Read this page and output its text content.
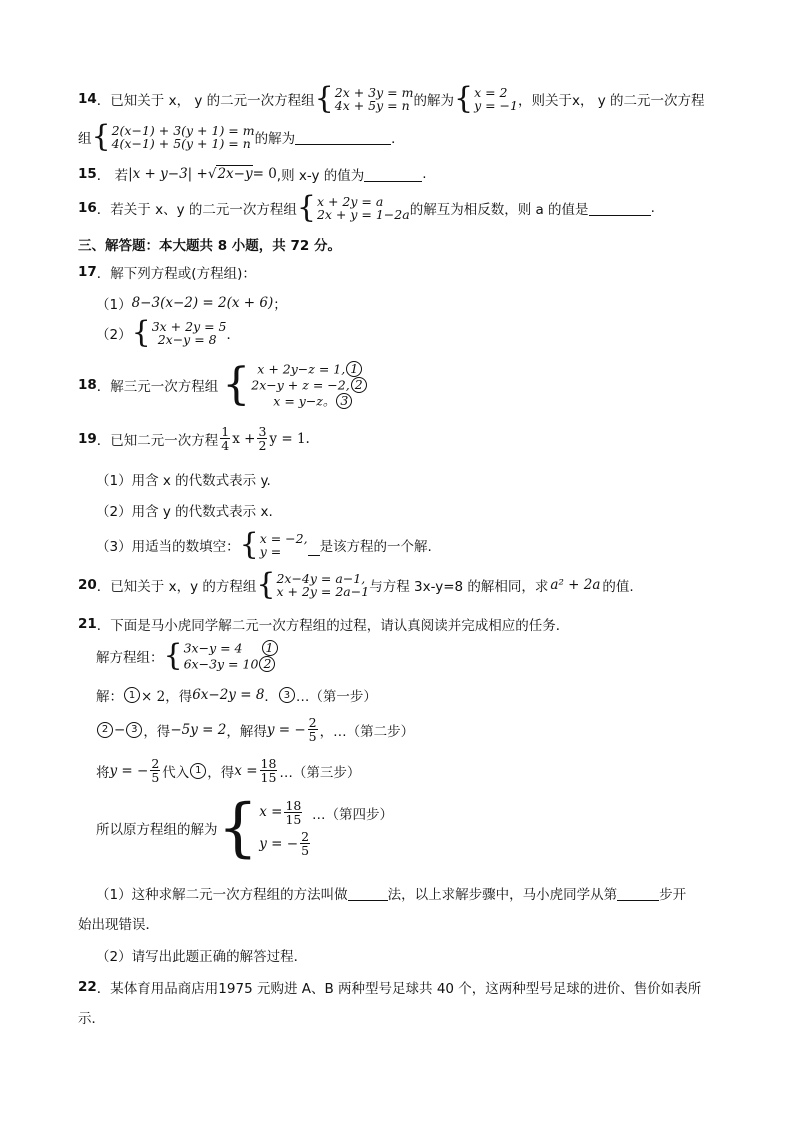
14 ．已知关于 x， y 的二元一次方程组 { 2x + 3y = m
4x + 5y = n 的解为 { x = 2
y = −1 ，则关于x， y 的二元一次方程
组 { 2(x−1) + 3(y + 1) = m
4(x−1) + 5(y + 1) = n 的解为	．
15 ． 若 |x + y−3| + √2x−y = 0 ,则 x-y 的值为	.
16 ．若关于 x、y 的二元一次方程组 { x + 2y = a
2x + y = 1−2a 的解互为相反数，则 a 的值是	.
三、解答题：本大题共 8 小题，共 72 分。
17 ．解下列方程或(方程组)：
（1） 8−3(x−2) = 2(x + 6) ；
（2） { 3x + 2y = 5
2x−y = 8 ．
18 ．解三元一次方程组 { x + 2y−z = 1, 1
2x−y + z = −2, 2
x = y−z。 3
19 ．已知二元一次方程 $\frac{1}{4}$ $x + \frac{3}{2}$ y = 1.
（1）用含 x 的代数式表示 y.
（2）用含 y 的代数式表示 x.
（3）用适当的数填空： { x = −2,
y =	是该方程的一个解.
20 ．已知关于 x，y 的方程组 { 2x−4y = a−1,
x + 2y = 2a−1 与方程 3x-y=8 的解相同，求 a² + 2a 的值.
21 ．下面是马小虎同学解二元一次方程组的过程，请认真阅读并完成相应的任务．
解方程组： { 3x−y = 4 1
6x−3y = 10 2
解： 1 × 2，得 6x−2y = 8 ． 3 …（第一步）
2 − 3 ，得 −5y = 2 ，解得 y = − $\frac{2}{5}$ ，…（第二步）
将 y = − $\frac{2}{5}$ 代入 1 ，得 $x = \frac{18}{15}$ …（第三步）
所以原方程组的解为 { $x = \frac{18}{15}$
y = − $\frac{2}{5}$
…（第四步）
（1）这种求解二元一次方程组的方法叫做	法，以上求解步骤中，马小虎同学从第	步开
始出现错误．
（2）请写出此题正确的解答过程．
22 ．某体育用品商店用1975 元购进 A、B 两种型号足球共 40 个，这两种型号足球的进价、售价如表所
示．
